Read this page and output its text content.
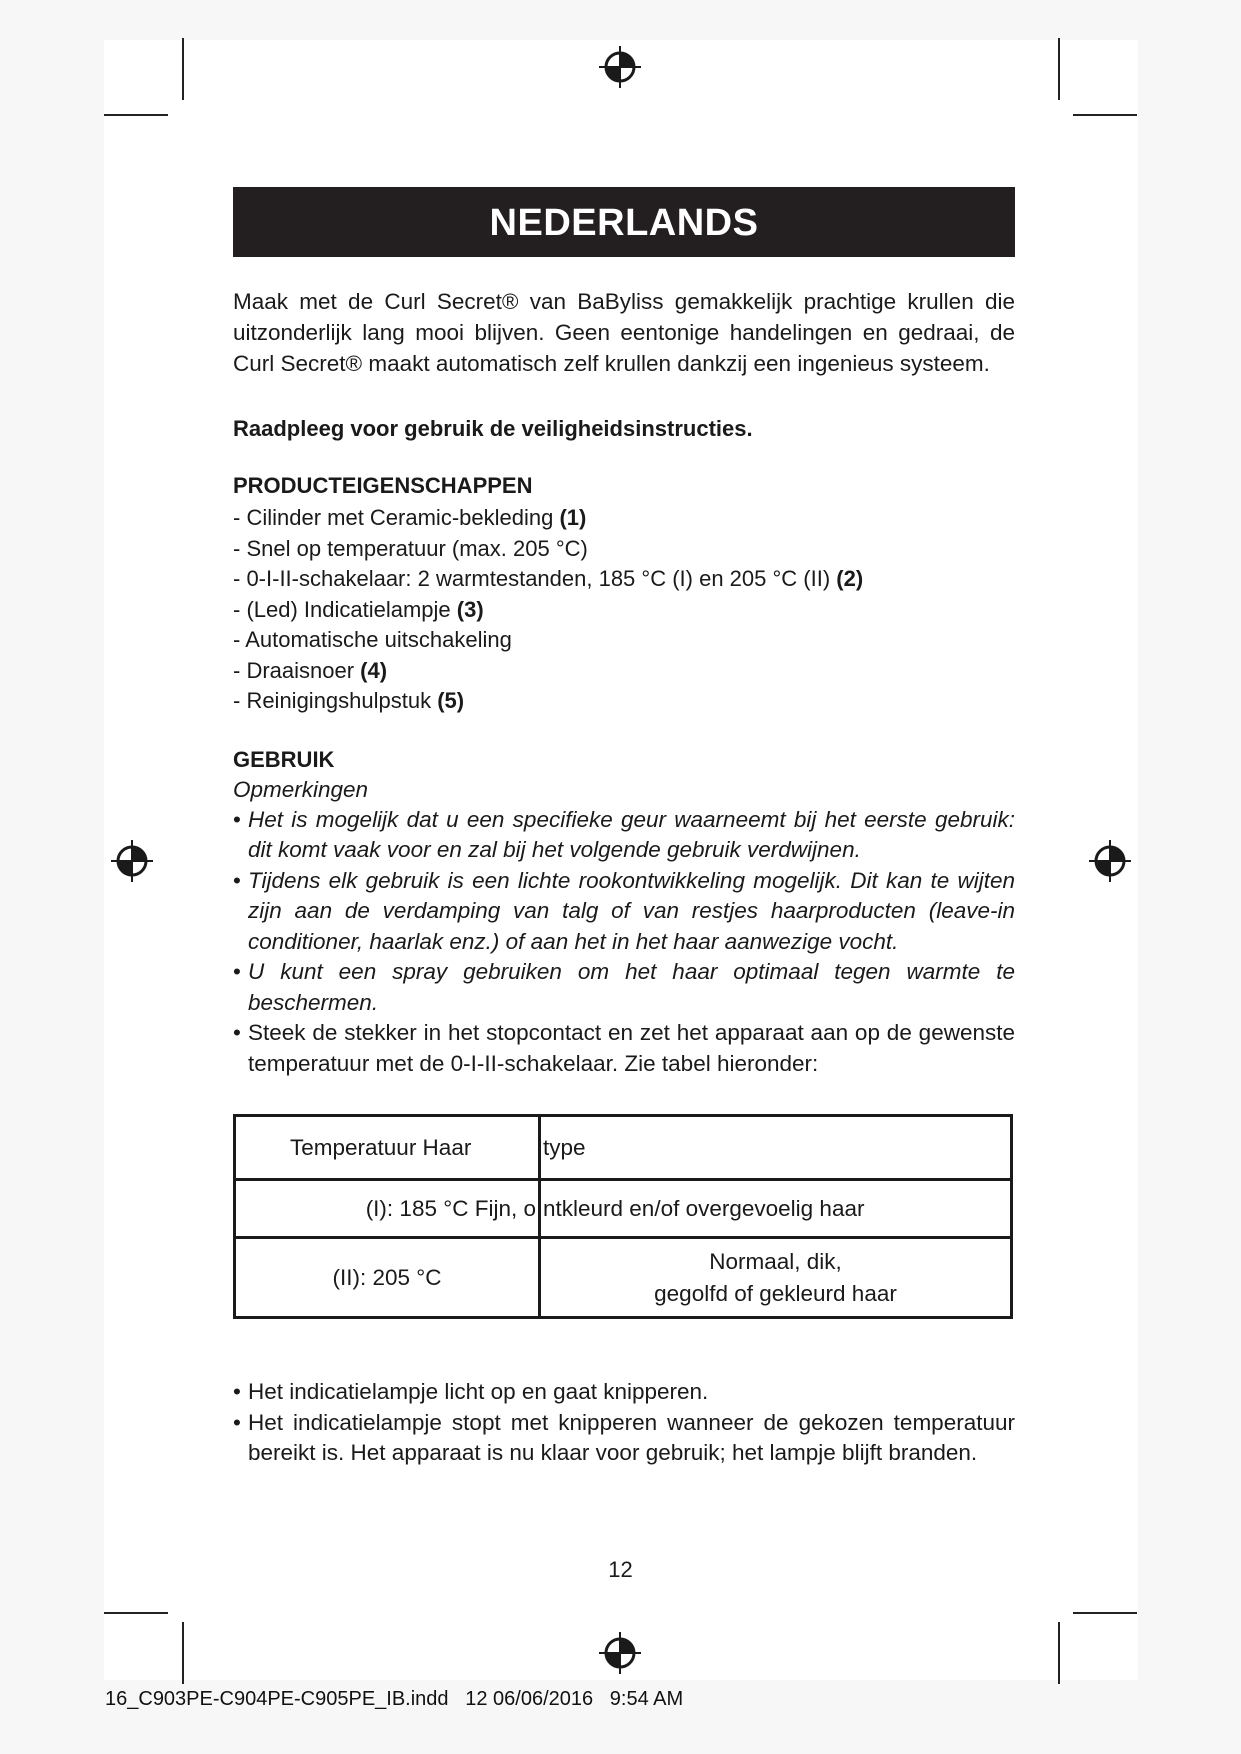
NEDERLANDS

Maak met de Curl Secret® van BaByliss gemakkelijk prachtige krullen die uitzonderlijk lang mooi blijven. Geen eentonige handelingen en gedraai, de Curl Secret® maakt automatisch zelf krullen dankzij een ingenieus systeem.

Raadpleeg voor gebruik de veiligheidsinstructies.
PRODUCTEIGENSCHAPPEN
- Cilinder met Ceramic-bekleding (1)
- Snel op temperatuur (max. 205 °C)
- 0-I-II-schakelaar: 2 warmtestanden, 185 °C (I) en 205 °C (II) (2)
- (Led) Indicatielampje (3)
- Automatische uitschakeling
- Draaisnoer (4)
- Reinigingshulpstuk (5)
GEBRUIK
Opmerkingen
• Het is mogelijk dat u een specifieke geur waarneemt bij het eerste gebruik: dit komt vaak voor en zal bij het volgende gebruik verdwijnen.
• Tijdens elk gebruik is een lichte rookontwikkeling mogelijk. Dit kan te wijten zijn aan de verdamping van talg of van restjes haarproducten (leave-in conditioner, haarlak enz.) of aan het in het haar aanwezige vocht.
• U kunt een spray gebruiken om het haar optimaal tegen warmte te beschermen.
• Steek de stekker in het stopcontact en zet het apparaat aan op de gewenste temperatuur met de 0-I-II-schakelaar. Zie tabel hieronder:
Temperatuur Haar	type
(I): 185 °C Fijn, o	ntkleurd en/of overgevoelig haar
(II): 205 °C	Normaal, dik,
gegolfd of gekleurd haar
• Het indicatielampje licht op en gaat knipperen.
• Het indicatielampje stopt met knipperen wanneer de gekozen temperatuur bereikt is. Het apparaat is nu klaar voor gebruik; het lampje blijft branden.
12
16_C903PE-C904PE-C905PE_IB.indd   12 06/06/2016   9:54 AM
